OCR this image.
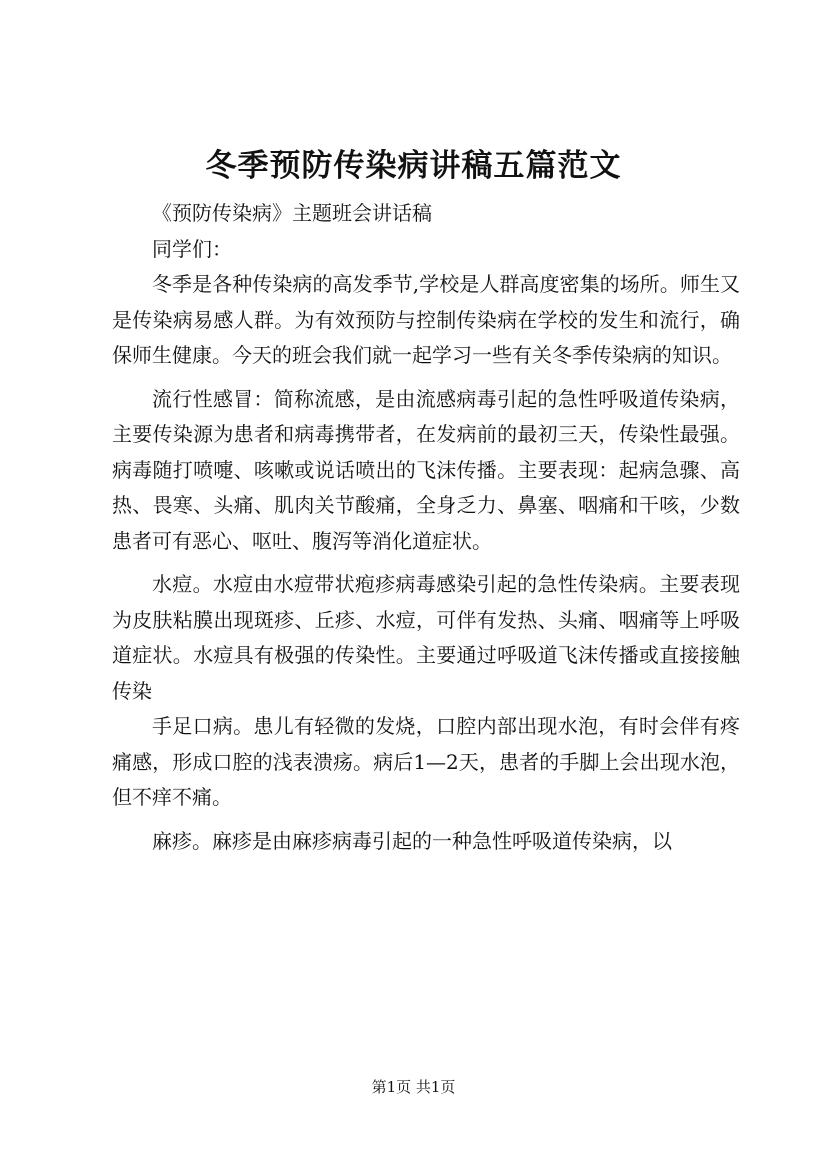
冬季预防传染病讲稿五篇范文

《预防传染病》主题班会讲话稿

同学们：

冬季是各种传染病的高发季节,学校是人群高度密集的场所。师生又是传染病易感人群。为有效预防与控制传染病在学校的发生和流行，确保师生健康。今天的班会我们就一起学习一些有关冬季传染病的知识。

流行性感冒：简称流感，是由流感病毒引起的急性呼吸道传染病，主要传染源为患者和病毒携带者，在发病前的最初三天，传染性最强。病毒随打喷嚏、咳嗽或说话喷出的飞沫传播。主要表现：起病急骤、高热、畏寒、头痛、肌肉关节酸痛，全身乏力、鼻塞、咽痛和干咳，少数患者可有恶心、呕吐、腹泻等消化道症状。

水痘。水痘由水痘带状疱疹病毒感染引起的急性传染病。主要表现为皮肤粘膜出现斑疹、丘疹、水痘，可伴有发热、头痛、咽痛等上呼吸道症状。水痘具有极强的传染性。主要通过呼吸道飞沫传播或直接接触传染

手足口病。患儿有轻微的发烧，口腔内部出现水泡，有时会伴有疼痛感，形成口腔的浅表溃疡。病后1—2天，患者的手脚上会出现水泡，但不痒不痛。

麻疹。麻疹是由麻疹病毒引起的一种急性呼吸道传染病，以

第1页 共1页
